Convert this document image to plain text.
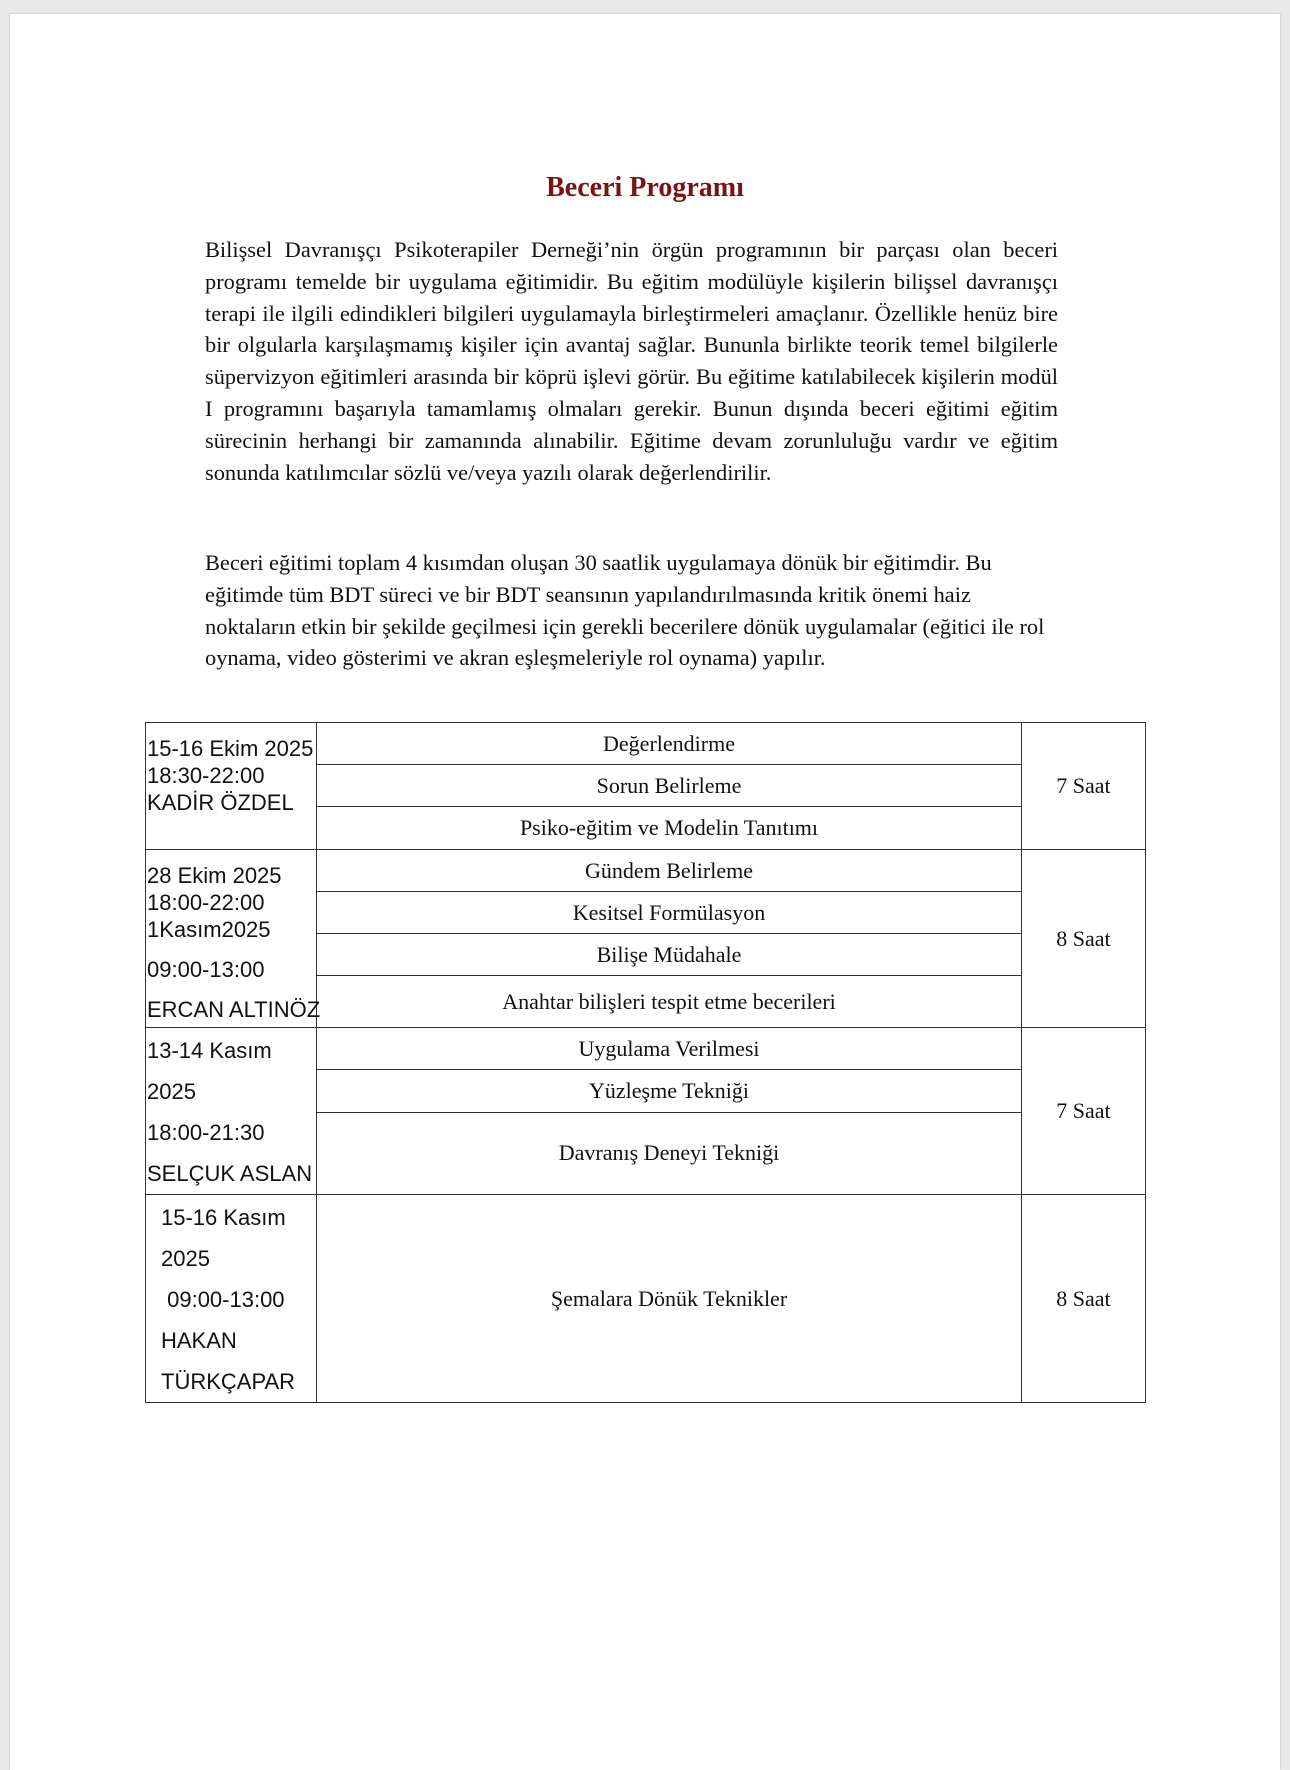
Beceri Programı

Bilişsel Davranışçı Psikoterapiler Derneği’nin örgün programının bir parçası olan beceri programı temelde bir uygulama eğitimidir. Bu eğitim modülüyle kişilerin bilişsel davranışçı terapi ile ilgili edindikleri bilgileri uygulamayla birleştirmeleri amaçlanır. Özellikle henüz bire bir olgularla karşılaşmamış kişiler için avantaj sağlar. Bununla birlikte teorik temel bilgilerle süpervizyon eğitimleri arasında bir köprü işlevi görür. Bu eğitime katılabilecek kişilerin modül I programını başarıyla tamamlamış olmaları gerekir. Bunun dışında beceri eğitimi eğitim sürecinin herhangi bir zamanında alınabilir. Eğitime devam zorunluluğu vardır ve eğitim sonunda katılımcılar sözlü ve/veya yazılı olarak değerlendirilir.

Beceri eğitimi toplam 4 kısımdan oluşan 30 saatlik uygulamaya dönük bir eğitimdir. Bu eğitimde tüm BDT süreci ve bir BDT seansının yapılandırılmasında kritik önemi haiz noktaların etkin bir şekilde geçilmesi için gerekli becerilere dönük uygulamalar (eğitici ile rol oynama, video gösterimi ve akran eşleşmeleriyle rol oynama) yapılır.

15-16 Ekim 2025
18:30-22:00
KADİR ÖZDEL	Değerlendirme	7 Saat
	Sorun Belirleme	
	Psiko-eğitim ve Modelin Tanıtımı	

28 Ekim 2025
18:00-22:00
1Kasım2025
09:00-13:00
ERCAN ALTINÖZ	Gündem Belirleme	8 Saat
	Kesitsel Formülasyon	
	Bilişe Müdahale	
	Anahtar bilişleri tespit etme becerileri	

13-14 Kasım
2025
18:00-21:30
SELÇUK ASLAN	Uygulama Verilmesi	7 Saat
	Yüzleşme Tekniği	
	Davranış Deneyi Tekniği	

15-16 Kasım
2025
09:00-13:00
HAKAN
TÜRKÇAPAR	Şemalara Dönük Teknikler	8 Saat
